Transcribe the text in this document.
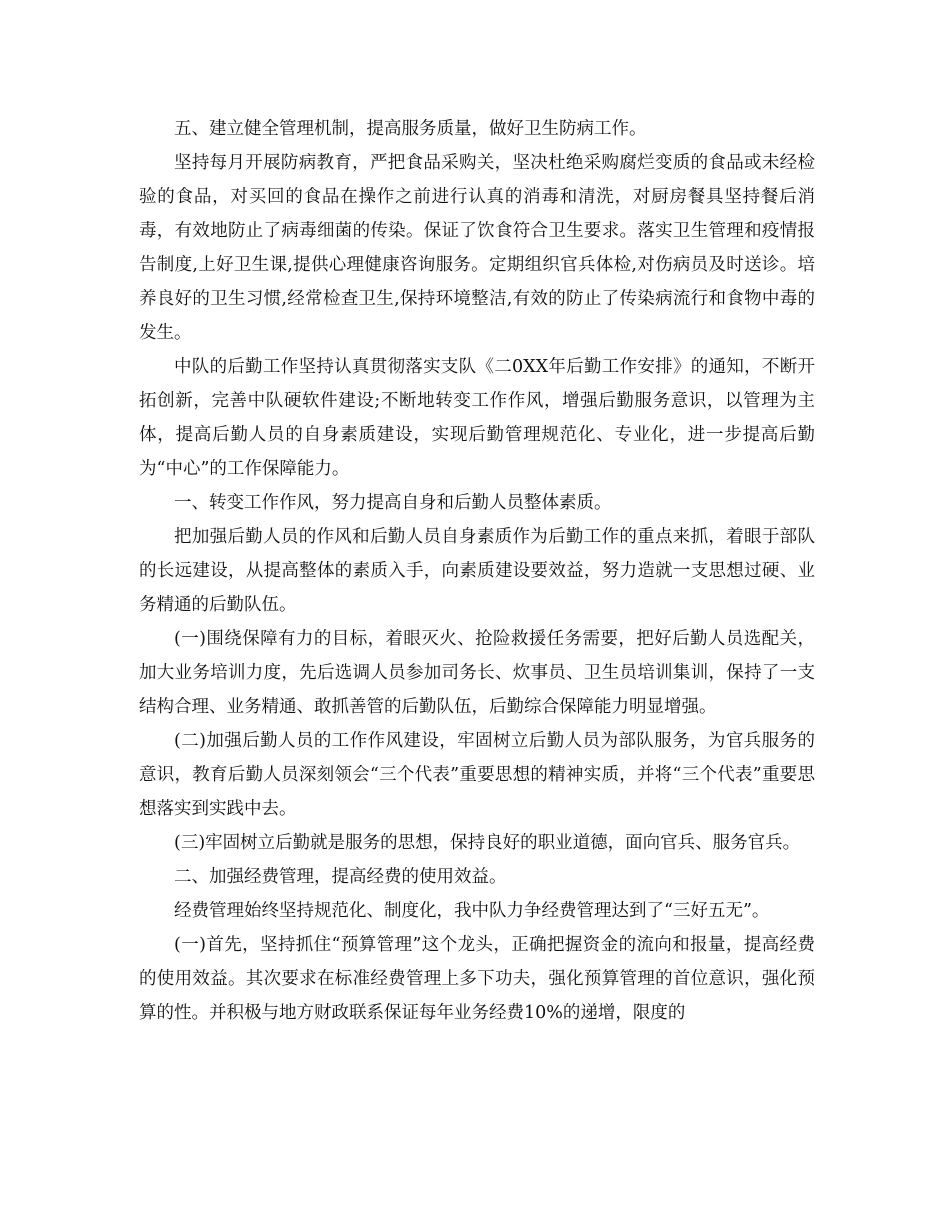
五、建立健全管理机制，提高服务质量，做好卫生防病工作。

坚持每月开展防病教育，严把食品采购关，坚决杜绝采购腐烂变质的食品或未经检验的食品，对买回的食品在操作之前进行认真的消毒和清洗，对厨房餐具坚持餐后消毒，有效地防止了病毒细菌的传染。保证了饮食符合卫生要求。落实卫生管理和疫情报告制度,上好卫生课,提供心理健康咨询服务。定期组织官兵体检,对伤病员及时送诊。培养良好的卫生习惯,经常检查卫生,保持环境整洁,有效的防止了传染病流行和食物中毒的发生。

中队的后勤工作坚持认真贯彻落实支队《二0XX年后勤工作安排》的通知，不断开拓创新，完善中队硬软件建设;不断地转变工作作风，增强后勤服务意识，以管理为主体，提高后勤人员的自身素质建设，实现后勤管理规范化、专业化，进一步提高后勤为“中心”的工作保障能力。

一、转变工作作风，努力提高自身和后勤人员整体素质。

把加强后勤人员的作风和后勤人员自身素质作为后勤工作的重点来抓，着眼于部队的长远建设，从提高整体的素质入手，向素质建设要效益，努力造就一支思想过硬、业务精通的后勤队伍。

(一)围绕保障有力的目标，着眼灭火、抢险救援任务需要，把好后勤人员选配关，加大业务培训力度，先后选调人员参加司务长、炊事员、卫生员培训集训，保持了一支结构合理、业务精通、敢抓善管的后勤队伍，后勤综合保障能力明显增强。

(二)加强后勤人员的工作作风建设，牢固树立后勤人员为部队服务，为官兵服务的意识，教育后勤人员深刻领会“三个代表”重要思想的精神实质，并将“三个代表”重要思想落实到实践中去。

(三)牢固树立后勤就是服务的思想，保持良好的职业道德，面向官兵、服务官兵。

二、加强经费管理，提高经费的使用效益。

经费管理始终坚持规范化、制度化，我中队力争经费管理达到了“三好五无”。

(一)首先，坚持抓住“预算管理”这个龙头，正确把握资金的流向和报量，提高经费的使用效益。其次要求在标准经费管理上多下功夫，强化预算管理的首位意识，强化预算的性。并积极与地方财政联系保证每年业务经费10%的递增，限度的
